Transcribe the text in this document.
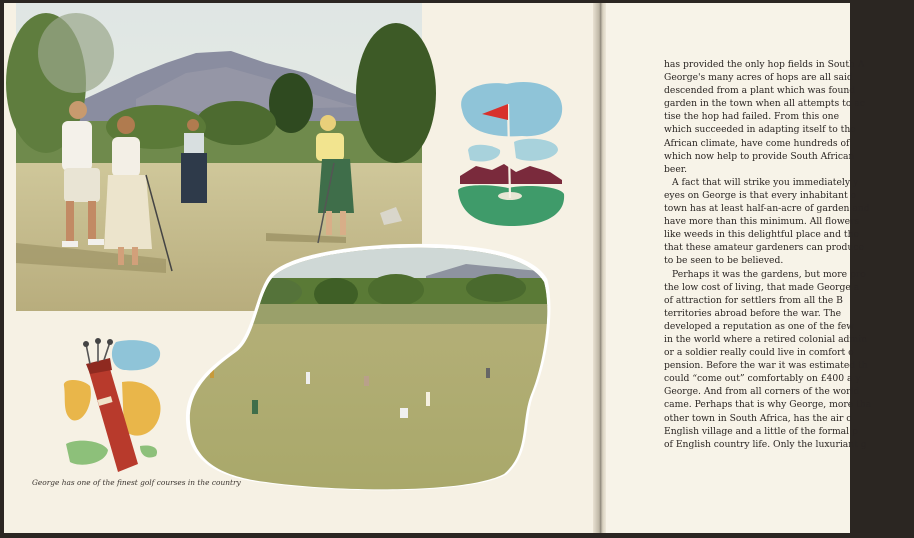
George has one of the finest golf courses in the country
has provided the only hop fields in South A
George's many acres of hops are all said
descended from a plant which was found
garden in the town when all attempts to ac
tise the hop had failed. From this one
which succeeded in adapting itself to the
African climate, have come hundreds of
which now help to provide South African
beer.
A fact that will strike you immediately y
eyes on George is that every inhabitant o
town has at least half-an-acre of garden and
have more than this minimum. All flowers
like weeds in this delightful place and the
that these amateur gardeners can produce
to be seen to be believed.
Perhaps it was the gardens, but more pro
the low cost of living, that made George a
of attraction for settlers from all the B
territories abroad before the war. The
developed a reputation as one of the few
in the world where a retired colonial admin
or a soldier really could live in comfort o
pension. Before the war it was estimated th
could “come out” comfortably on £400 a y
George. And from all corners of the world
came. Perhaps that is why George, more tha
other town in South Africa, has the air o
English village and a little of the formal p
of English country life. Only the luxuriant g
